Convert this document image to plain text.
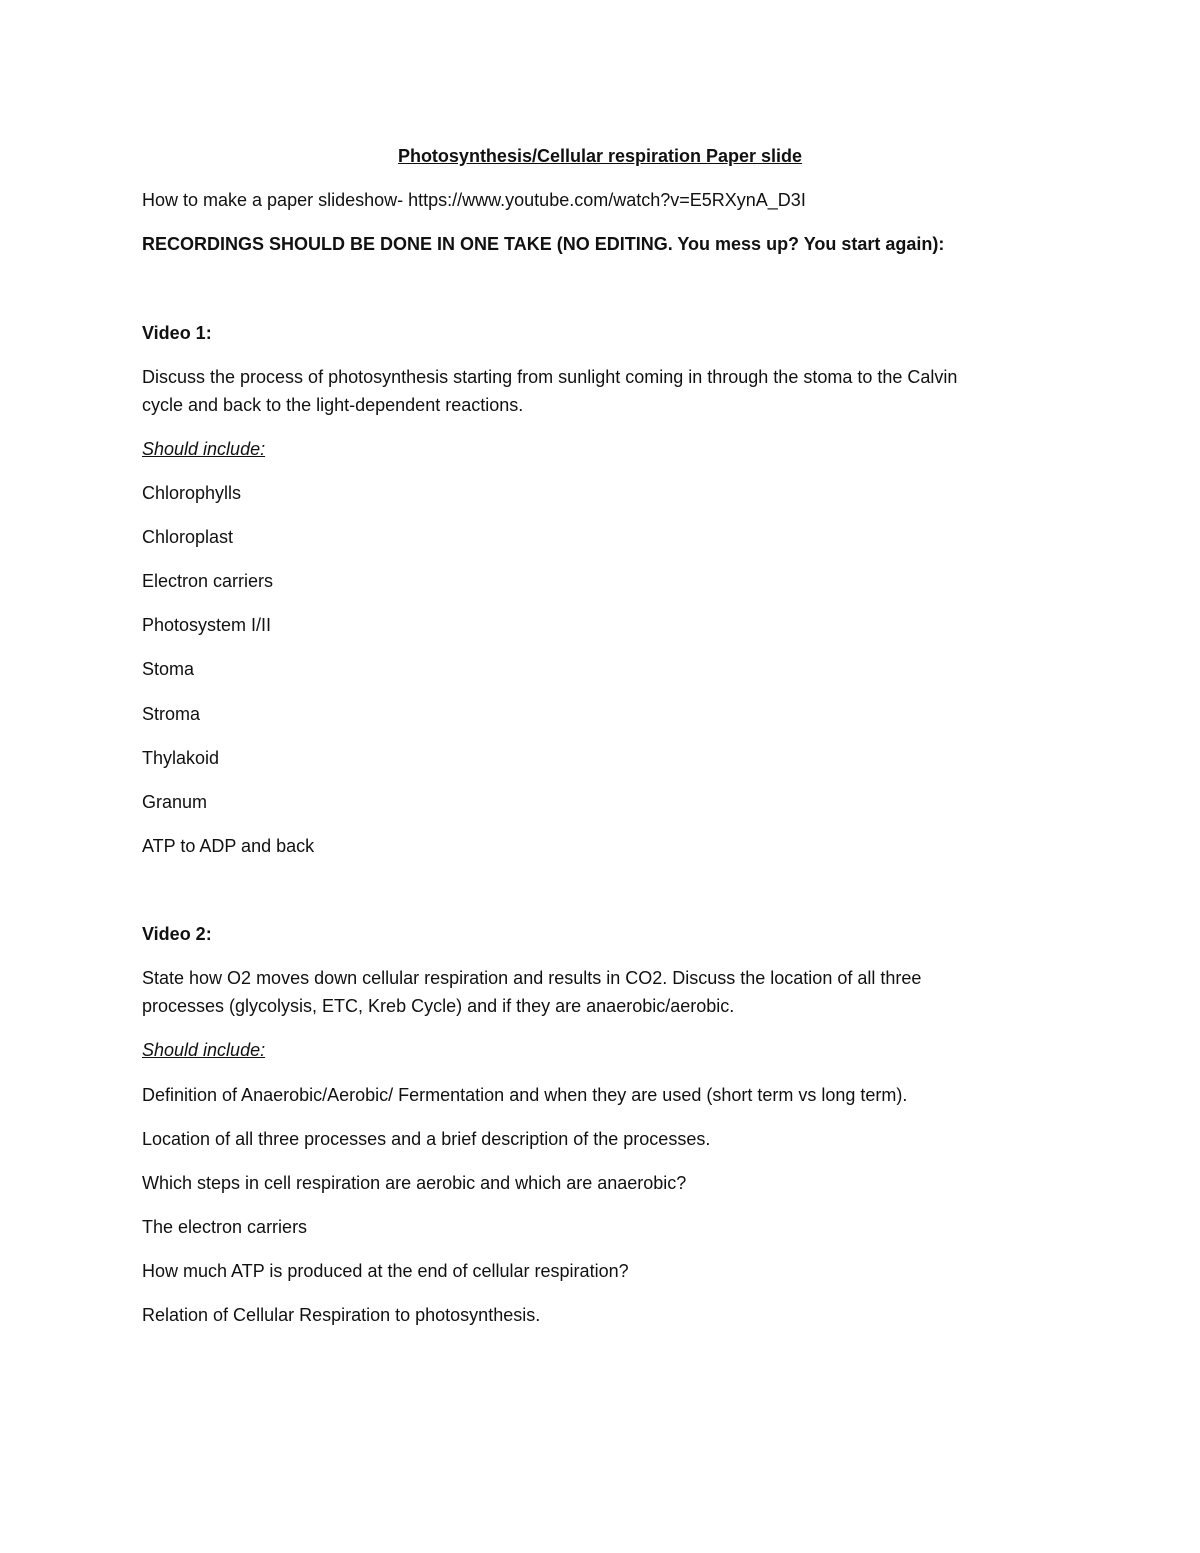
Photosynthesis/Cellular respiration Paper slide

How to make a paper slideshow- https://www.youtube.com/watch?v=E5RXynA_D3I

RECORDINGS SHOULD BE DONE IN ONE TAKE (NO EDITING. You mess up? You start again):

Video 1:

Discuss the process of photosynthesis starting from sunlight coming in through the stoma to the Calvin

cycle and back to the light-dependent reactions.

Should include:

Chlorophylls

Chloroplast

Electron carriers

Photosystem I/II

Stoma

Stroma

Thylakoid

Granum

ATP to ADP and back

Video 2:

State how O2 moves down cellular respiration and results in CO2. Discuss the location of all three

processes (glycolysis, ETC, Kreb Cycle) and if they are anaerobic/aerobic.

Should include:

Definition of Anaerobic/Aerobic/ Fermentation and when they are used (short term vs long term).

Location of all three processes and a brief description of the processes.

Which steps in cell respiration are aerobic and which are anaerobic?

The electron carriers

How much ATP is produced at the end of cellular respiration?

Relation of Cellular Respiration to photosynthesis.
